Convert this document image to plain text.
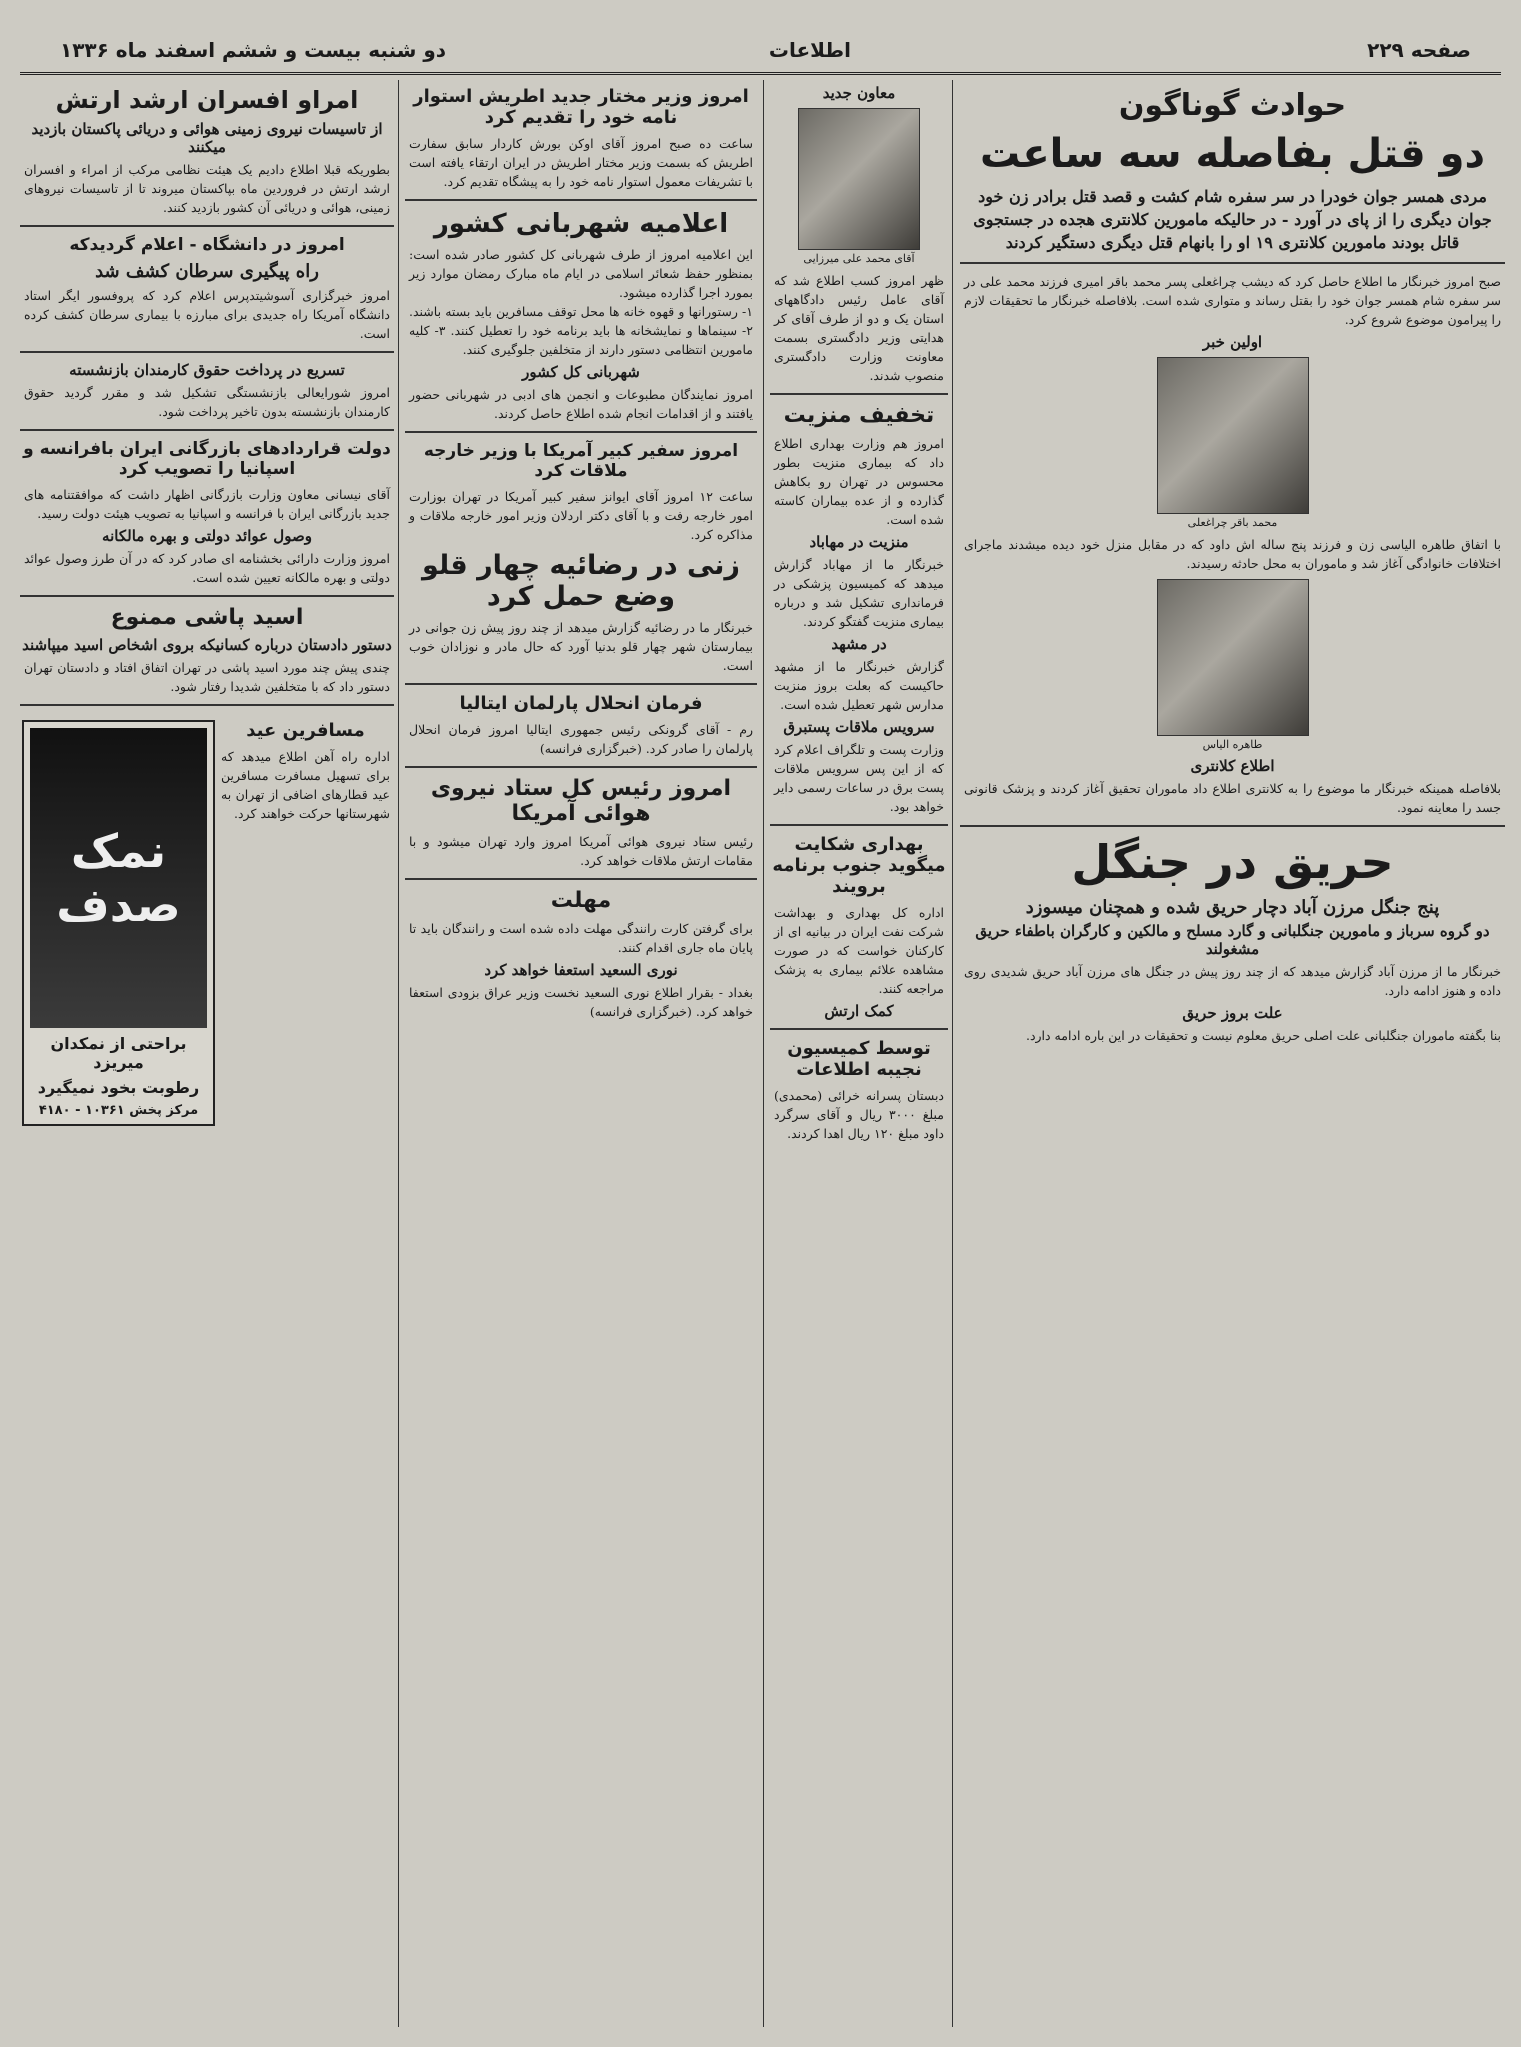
صفحه ۲۲۹
اطلاعات
دو شنبه بیست و ششم اسفند ماه ۱۳۳۶
حوادث گوناگون
دو قتل بفاصله سه ساعت
مردی همسر جوان خودرا در سر سفره شام کشت و قصد قتل برادر زن خود جوان دیگری را از پای در آورد - در حالیکه مامورین کلانتری هجده در جستجوی قاتل بودند مامورین کلانتری ۱۹ او را بانهام قتل دیگری دستگیر کردند
صبح امروز خبرنگار ما اطلاع حاصل کرد که دیشب چراغعلی پسر محمد باقر امیری فرزند محمد علی در سر سفره شام همسر جوان خود را بقتل رساند و متواری شده است. بلافاصله خبرنگار ما تحقیقات لازم را پیرامون موضوع شروع کرد.
اولین خبر
محمد باقر چراغعلی
با اتفاق طاهره الیاسی زن و فرزند پنج ساله اش داود که در مقابل منزل خود دیده میشدند ماجرای اختلافات خانوادگی آغاز شد و ماموران به محل حادثه رسیدند.
طاهره الیاس
اطلاع کلانتری
بلافاصله همینکه خبرنگار ما موضوع را به کلانتری اطلاع داد ماموران تحقیق آغاز کردند و پزشک قانونی جسد را معاینه نمود.
حریق در جنگل
پنج جنگل مرزن آباد دچار حریق شده و همچنان میسوزد
دو گروه سرباز و مامورین جنگلبانی و گارد مسلح و مالکین و کارگران باطفاء حریق مشغولند
خبرنگار ما از مرزن آباد گزارش میدهد که از چند روز پیش در جنگل های مرزن آباد حریق شدیدی روی داده و هنوز ادامه دارد.
علت بروز حریق
بنا بگفته ماموران جنگلبانی علت اصلی حریق معلوم نیست و تحقیقات در این باره ادامه دارد.
معاون جدید
آقای محمد علی میرزایی
ظهر امروز کسب اطلاع شد که آقای عامل رئیس دادگاههای استان یک و دو از طرف آقای کر هدایتی وزیر دادگستری بسمت معاونت وزارت دادگستری منصوب شدند.
تخفیف منزیت
امروز هم وزارت بهداری اطلاع داد که بیماری منزیت بطور محسوس در تهران رو بکاهش گذارده و از عده بیماران کاسته شده است.
منزیت در مهاباد
خبرنگار ما از مهاباد گزارش میدهد که کمیسیون پزشکی در فرمانداری تشکیل شد و درباره بیماری منزیت گفتگو کردند.
در مشهد
گزارش خبرنگار ما از مشهد حاکیست که بعلت بروز منزیت مدارس شهر تعطیل شده است.
سرویس ملاقات پستبرق
وزارت پست و تلگراف اعلام کرد که از این پس سرویس ملاقات پست برق در ساعات رسمی دایر خواهد بود.
بهداری شکایت میگوید جنوب برنامه برویند
اداره کل بهداری و بهداشت شرکت نفت ایران در بیانیه ای از کارکنان خواست که در صورت مشاهده علائم بیماری به پزشک مراجعه کنند.
کمک ارتش
توسط کمیسیون نجیبه اطلاعات
دبستان پسرانه خرائی (محمدی) مبلغ ۳۰۰۰ ریال و آقای سرگرد داود مبلغ ۱۲۰ ریال اهدا کردند.
امروز وزیر مختار جدید اطریش استوار نامه خود را تقدیم کرد
ساعت ده صبح امروز آقای اوکن بورش کاردار سابق سفارت اطریش که بسمت وزیر مختار اطریش در ایران ارتقاء یافته است با تشریفات معمول استوار نامه خود را به پیشگاه تقدیم کرد.
اعلامیه شهربانی کشور
این اعلامیه امروز از طرف شهربانی کل کشور صادر شده است: بمنظور حفظ شعائر اسلامی در ایام ماه مبارک رمضان موارد زیر بمورد اجرا گذارده میشود.
۱- رستورانها و قهوه خانه ها محل توقف مسافرین باید بسته باشند. ۲- سینماها و نمایشخانه ها باید برنامه خود را تعطیل کنند. ۳- کلیه مامورین انتظامی دستور دارند از متخلفین جلوگیری کنند.
شهربانی کل کشور
امروز نمایندگان مطبوعات و انجمن های ادبی در شهربانی حضور یافتند و از اقدامات انجام شده اطلاع حاصل کردند.
امروز سفیر کبیر آمریکا با وزیر خارجه ملاقات کرد
ساعت ۱۲ امروز آقای ایوانز سفیر کبیر آمریکا در تهران بوزارت امور خارجه رفت و با آقای دکتر اردلان وزیر امور خارجه ملاقات و مذاکره کرد.
زنی در رضائیه چهار قلو وضع حمل کرد
خبرنگار ما در رضائیه گزارش میدهد از چند روز پیش زن جوانی در بیمارستان شهر چهار قلو بدنیا آورد که حال مادر و نوزادان خوب است.
فرمان انحلال پارلمان ایتالیا
رم - آقای گرونکی رئیس جمهوری ایتالیا امروز فرمان انحلال پارلمان را صادر کرد. (خبرگزاری فرانسه)
امروز رئیس کل ستاد نیروی هوائی آمریکا
رئیس ستاد نیروی هوائی آمریکا امروز وارد تهران میشود و با مقامات ارتش ملاقات خواهد کرد.
مهلت
برای گرفتن کارت رانندگی مهلت داده شده است و رانندگان باید تا پایان ماه جاری اقدام کنند.
نوری السعید استعفا خواهد کرد
بغداد - بقرار اطلاع نوری السعید نخست وزیر عراق بزودی استعفا خواهد کرد. (خبرگزاری فرانسه)
امراو افسران ارشد ارتش
از تاسیسات نیروی زمینی هوائی و دریائی پاکستان بازدید میکنند
بطوریکه قبلا اطلاع دادیم یک هیئت نظامی مرکب از امراء و افسران ارشد ارتش در فروردین ماه بپاکستان میروند تا از تاسیسات نیروهای زمینی، هوائی و دریائی آن کشور بازدید کنند.
امروز در دانشگاه - اعلام گردیدکه
راه پیگیری سرطان کشف شد
امروز خبرگزاری آسوشیتدپرس اعلام کرد که پروفسور ایگر استاد دانشگاه آمریکا راه جدیدی برای مبارزه با بیماری سرطان کشف کرده است.
تسریع در پرداخت حقوق کارمندان بازنشسته
امروز شورایعالی بازنشستگی تشکیل شد و مقرر گردید حقوق کارمندان بازنشسته بدون تاخیر پرداخت شود.
دولت قراردادهای بازرگانی ایران بافرانسه و اسپانیا را تصویب کرد
آقای نیسانی معاون وزارت بازرگانی اظهار داشت که موافقتنامه های جدید بازرگانی ایران با فرانسه و اسپانیا به تصویب هیئت دولت رسید.
وصول عوائد دولتی و بهره مالکانه
امروز وزارت دارائی بخشنامه ای صادر کرد که در آن طرز وصول عوائد دولتی و بهره مالکانه تعیین شده است.
اسید پاشی ممنوع
دستور دادستان درباره کسانیکه بروی اشخاص اسید میپاشند
چندی پیش چند مورد اسید پاشی در تهران اتفاق افتاد و دادستان تهران دستور داد که با متخلفین شدیدا رفتار شود.
مسافرین عید
اداره راه آهن اطلاع میدهد که برای تسهیل مسافرت مسافرین عید قطارهای اضافی از تهران به شهرستانها حرکت خواهند کرد.
نمک صدف
براحتی از نمکدان میریزد
رطوبت بخود نمیگیرد
مرکز پخش ۱۰۳۶۱ - ۴۱۸۰
